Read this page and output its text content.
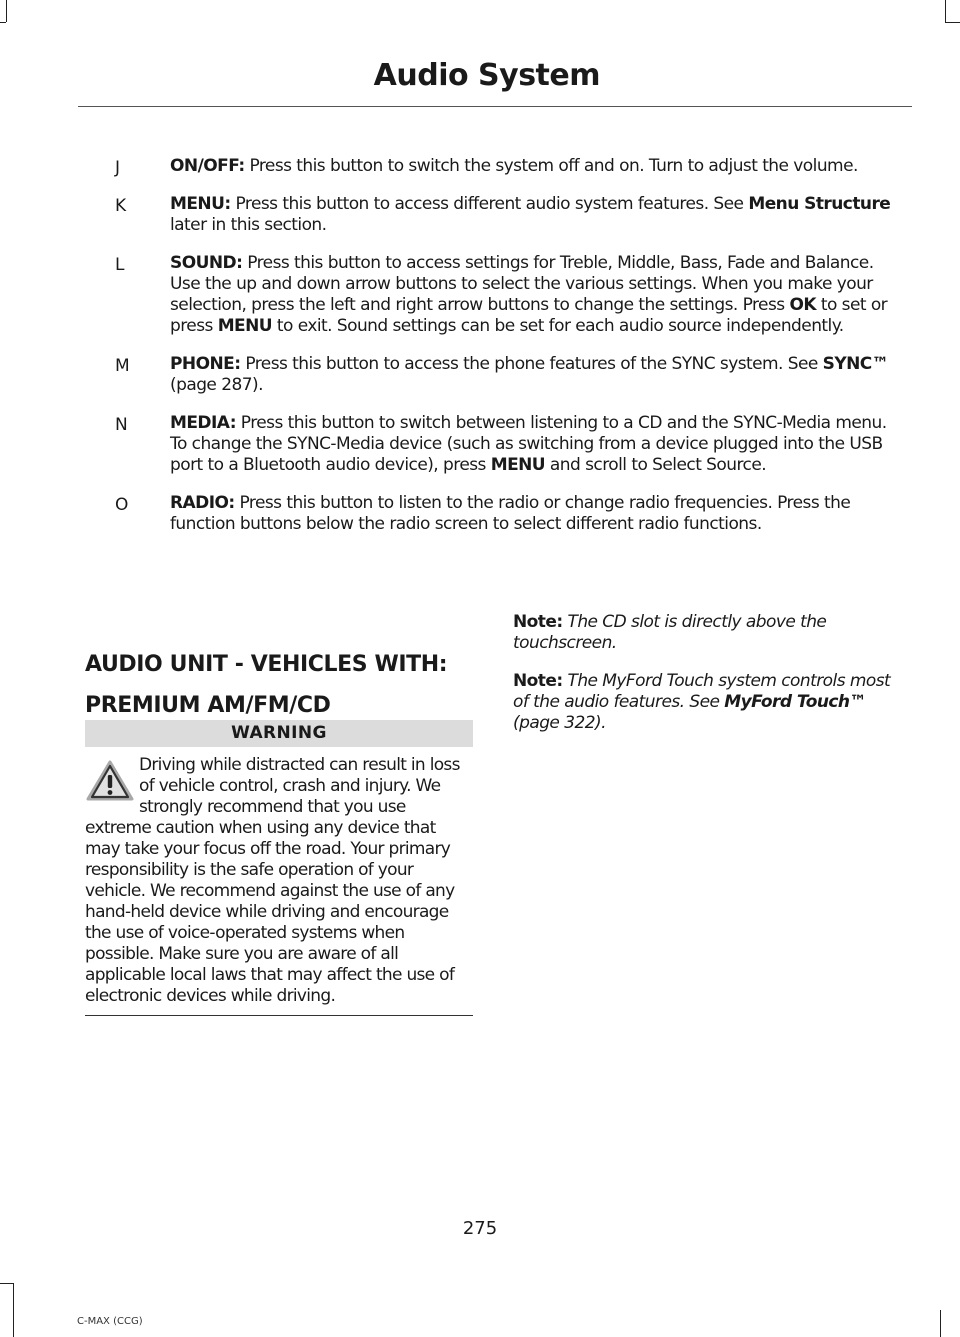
Audio System
J	ON/OFF: Press this button to switch the system off and on. Turn to adjust the volume.
K	MENU: Press this button to access different audio system features. See Menu Structure later in this section.
L	SOUND: Press this button to access settings for Treble, Middle, Bass, Fade and Balance. Use the up and down arrow buttons to select the various settings. When you make your selection, press the left and right arrow buttons to change the settings. Press OK to set or press MENU to exit. Sound settings can be set for each audio source independently.
M PHONE: Press this button to access the phone features of the SYNC system. See SYNC™ (page 287).
N MEDIA: Press this button to switch between listening to a CD and the SYNC-Media menu. To change the SYNC-Media device (such as switching from a device plugged into the USB port to a Bluetooth audio device), press MENU and scroll to Select Source.
O RADIO: Press this button to listen to the radio or change radio frequencies. Press the function buttons below the radio screen to select different radio functions.
AUDIO UNIT - VEHICLES WITH:
PREMIUM AM/FM/CD
WARNING
Driving while distracted can result in loss of vehicle control, crash and injury. We strongly recommend that you use extreme caution when using any device that may take your focus off the road. Your primary responsibility is the safe operation of your vehicle. We recommend against the use of any hand-held device while driving and encourage the use of voice-operated systems when possible. Make sure you are aware of all applicable local laws that may affect the use of electronic devices while driving.

Note: The CD slot is directly above the touchscreen.

Note: The MyFord Touch system controls most of the audio features. See MyFord Touch™ (page 322).

275
C-MAX (CCG)
